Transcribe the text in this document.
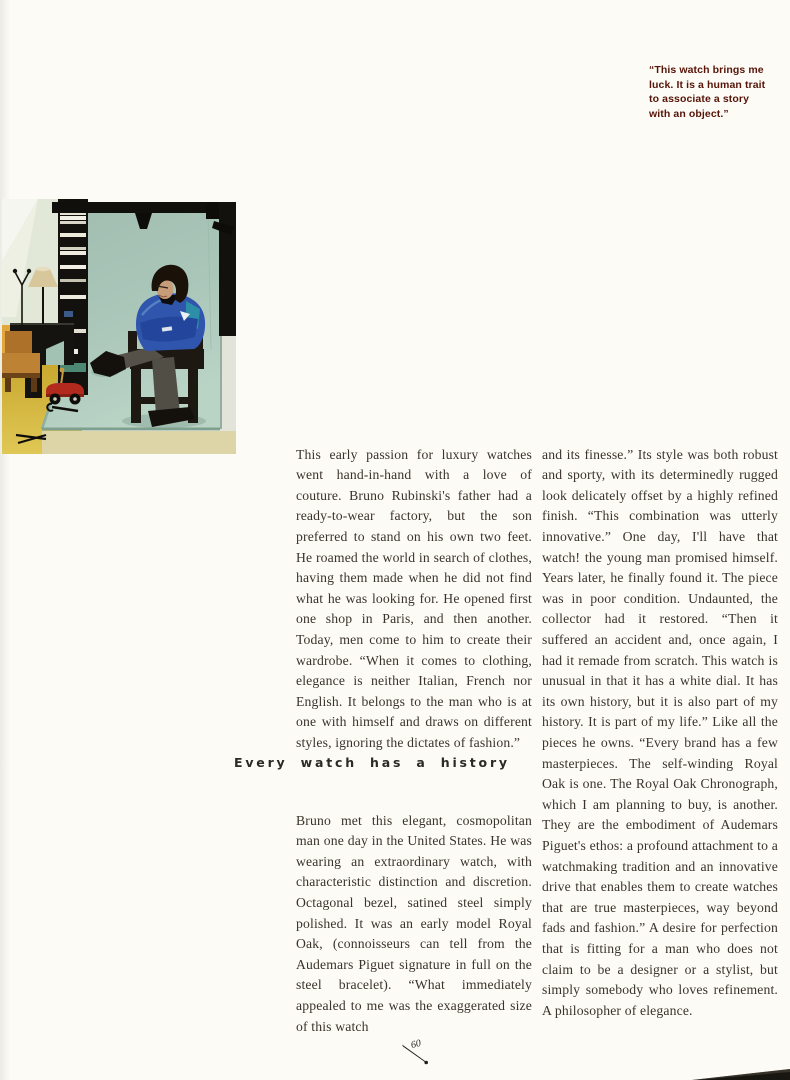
“This watch brings me
luck. It is a human trait
to associate a story
with an object.”

This early passion for luxury watches went hand-in-hand with a love of couture. Bruno Rubinski's father had a ready-to-wear factory, but the son preferred to stand on his own two feet. He roamed the world in search of clothes, having them made when he did not find what he was looking for. He opened first one shop in Paris, and then another. Today, men come to him to create their wardrobe. “When it comes to clothing, elegance is neither Italian, French nor English. It belongs to the man who is at one with himself and draws on different styles, ignoring the dictates of fashion.”

Every watch has a history

Bruno met this elegant, cosmopolitan man one day in the United States. He was wearing an extraordinary watch, with characteristic distinction and discretion. Octagonal bezel, satined steel simply polished. It was an early model Royal Oak, (connoisseurs can tell from the Audemars Piguet signature in full on the steel bracelet). “What immediately appealed to me was the exaggerated size of this watch

and its finesse.” Its style was both robust and sporty, with its determinedly rugged look delicately offset by a highly refined finish. “This combination was utterly innovative.” One day, I'll have that watch! the young man promised himself. Years later, he finally found it. The piece was in poor condition. Undaunted, the collector had it restored. “Then it suffered an accident and, once again, I had it remade from scratch. This watch is unusual in that it has a white dial. It has its own history, but it is also part of my history. It is part of my life.” Like all the pieces he owns. “Every brand has a few masterpieces. The self-winding Royal Oak is one. The Royal Oak Chronograph, which I am planning to buy, is another. They are the embodiment of Audemars Piguet's ethos: a profound attachment to a watchmaking tradition and an innovative drive that enables them to create watches that are true masterpieces, way beyond fads and fashion.” A desire for perfection that is fitting for a man who does not claim to be a designer or a stylist, but simply somebody who loves refinement. A philosopher of elegance.

60
